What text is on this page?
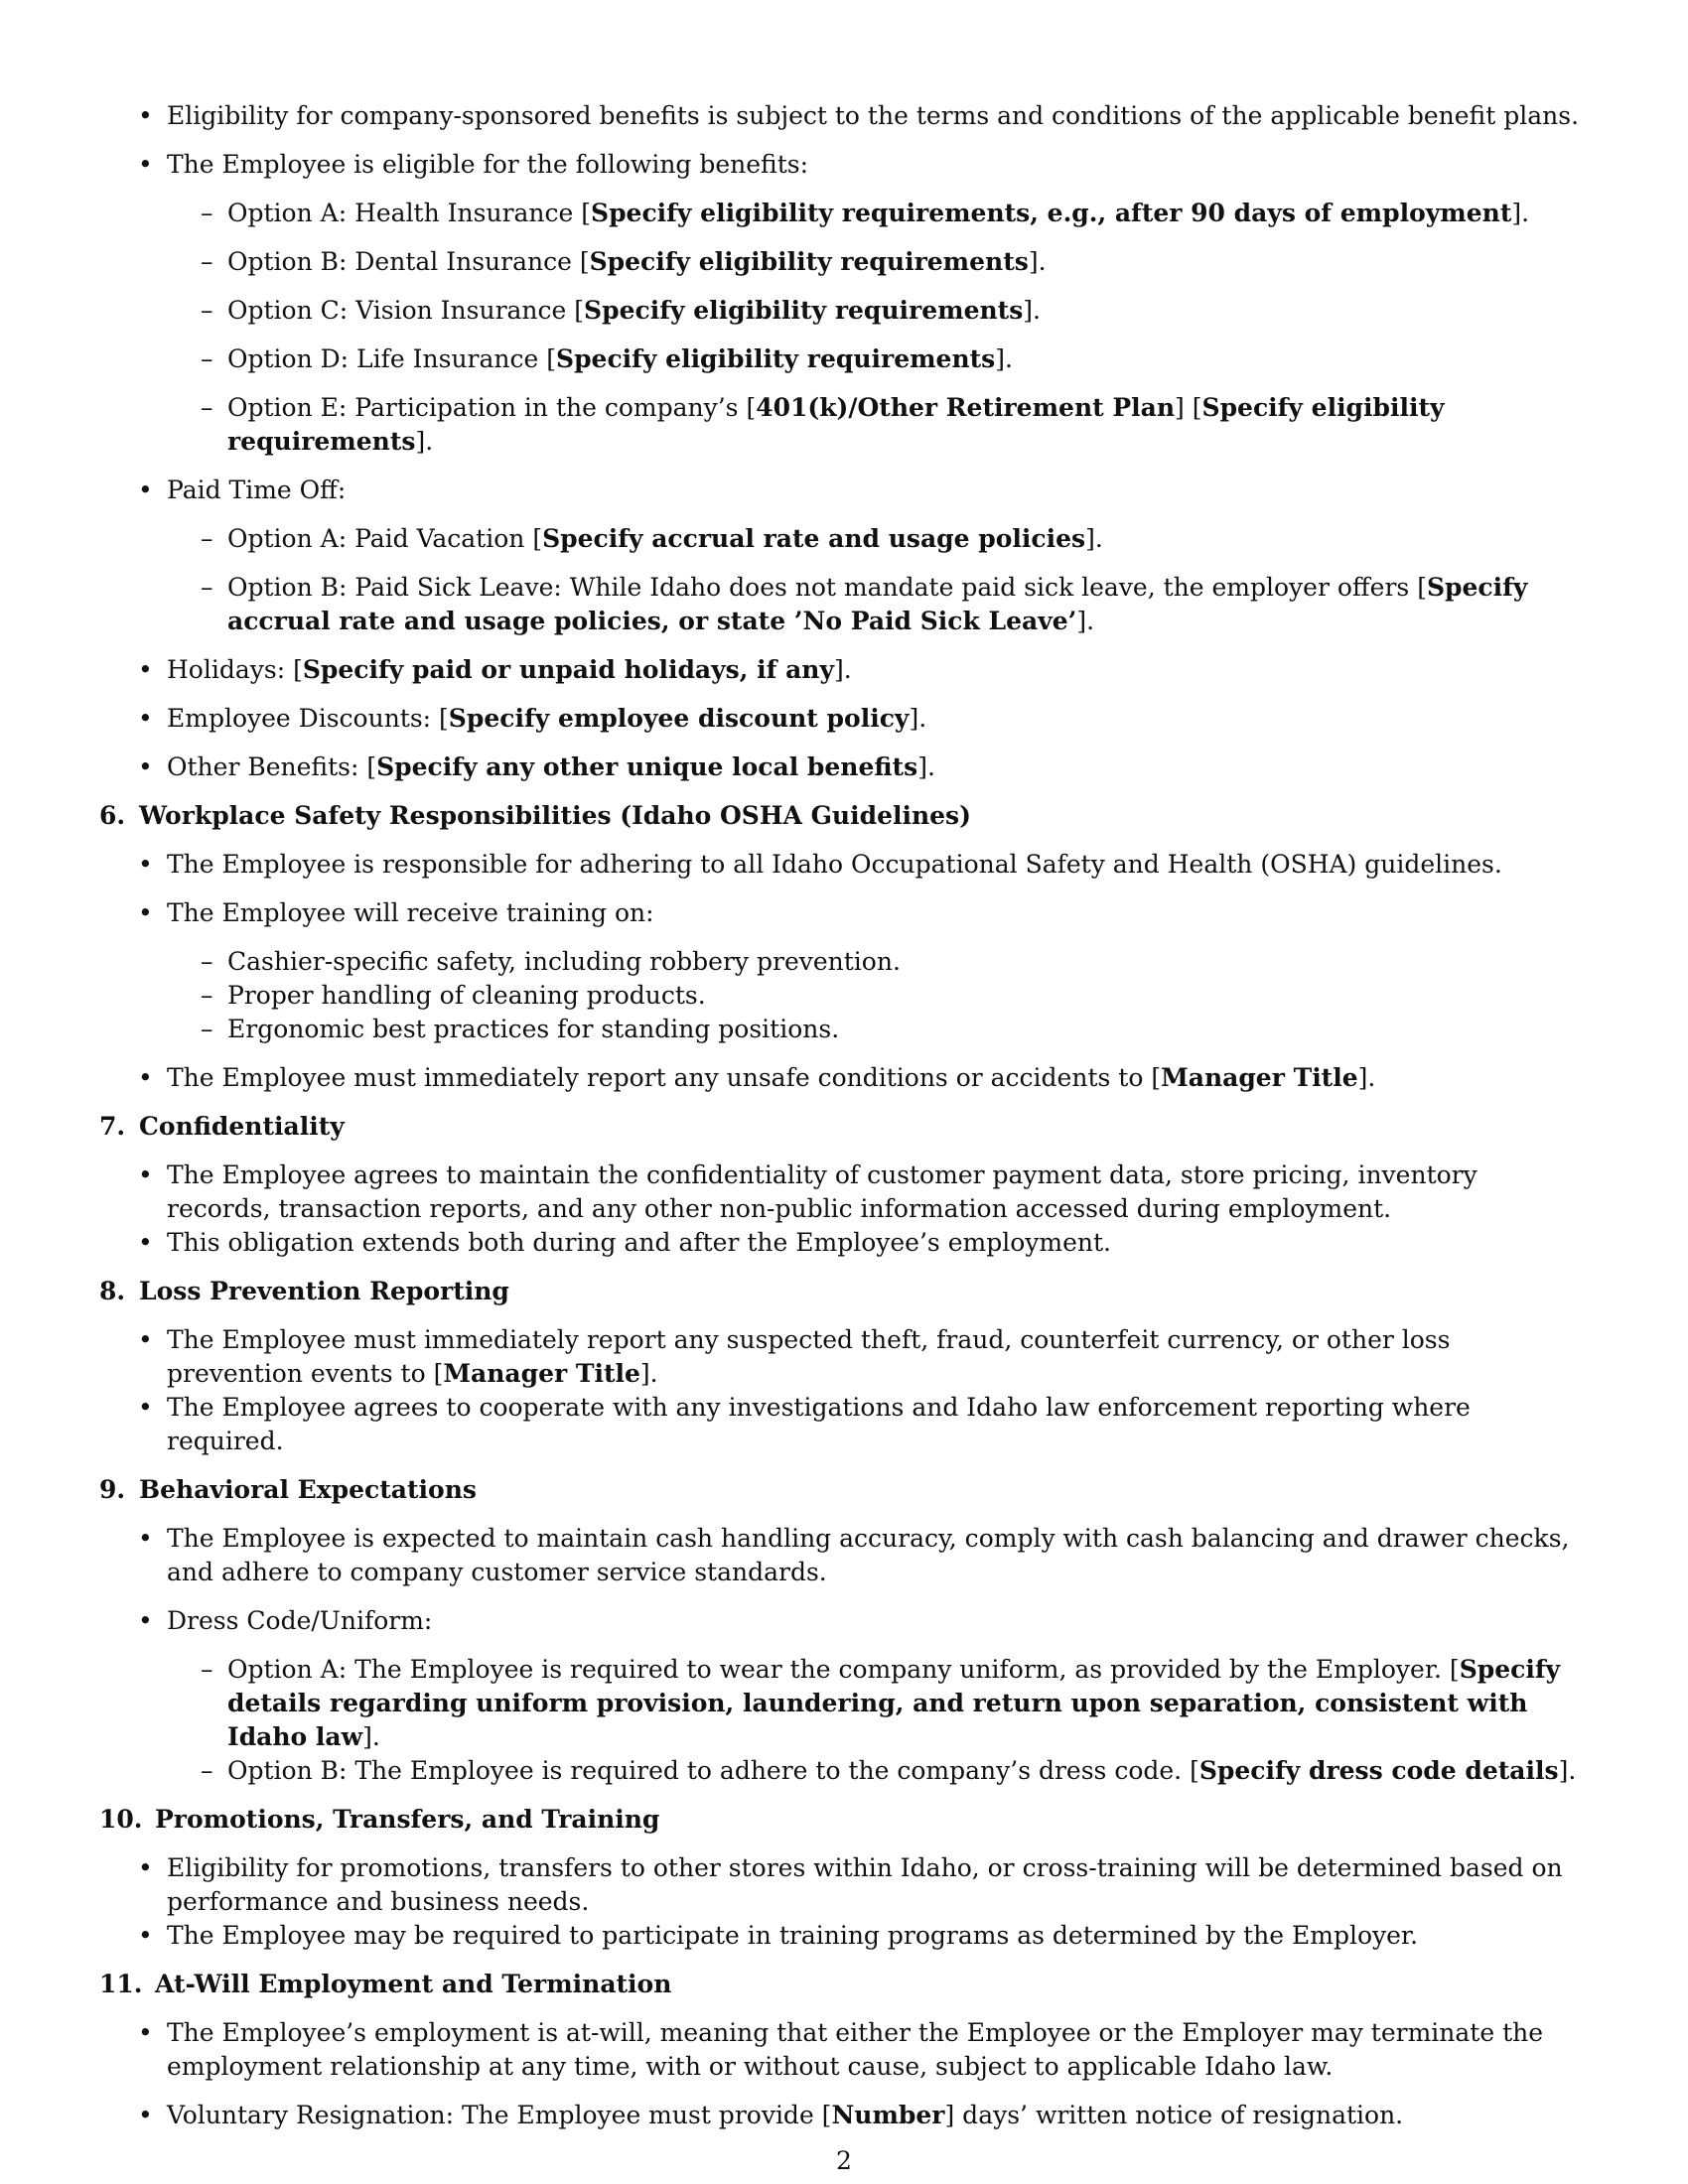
• Eligibility for company-sponsored benefits is subject to the terms and conditions of the applicable benefit plans.
• The Employee is eligible for the following benefits:
– Option A: Health Insurance [Specify eligibility requirements, e.g., after 90 days of employment].
– Option B: Dental Insurance [Specify eligibility requirements].
– Option C: Vision Insurance [Specify eligibility requirements].
– Option D: Life Insurance [Specify eligibility requirements].
– Option E: Participation in the company’s [401(k)/Other Retirement Plan] [Specify eligibility requirements].
• Paid Time Off:
– Option A: Paid Vacation [Specify accrual rate and usage policies].
– Option B: Paid Sick Leave: While Idaho does not mandate paid sick leave, the employer offers [Specify accrual rate and usage policies, or state ’No Paid Sick Leave’].
• Holidays: [Specify paid or unpaid holidays, if any].
• Employee Discounts: [Specify employee discount policy].
• Other Benefits: [Specify any other unique local benefits].
6. Workplace Safety Responsibilities (Idaho OSHA Guidelines)
• The Employee is responsible for adhering to all Idaho Occupational Safety and Health (OSHA) guidelines.
• The Employee will receive training on:
– Cashier-specific safety, including robbery prevention.
– Proper handling of cleaning products.
– Ergonomic best practices for standing positions.
• The Employee must immediately report any unsafe conditions or accidents to [Manager Title].
7. Confidentiality
• The Employee agrees to maintain the confidentiality of customer payment data, store pricing, inventory records, transaction reports, and any other non-public information accessed during employment.
• This obligation extends both during and after the Employee’s employment.
8. Loss Prevention Reporting
• The Employee must immediately report any suspected theft, fraud, counterfeit currency, or other loss prevention events to [Manager Title].
• The Employee agrees to cooperate with any investigations and Idaho law enforcement reporting where required.
9. Behavioral Expectations
• The Employee is expected to maintain cash handling accuracy, comply with cash balancing and drawer checks, and adhere to company customer service standards.
• Dress Code/Uniform:
– Option A: The Employee is required to wear the company uniform, as provided by the Employer. [Specify details regarding uniform provision, laundering, and return upon separation, consistent with Idaho law].
– Option B: The Employee is required to adhere to the company’s dress code. [Specify dress code details].
10. Promotions, Transfers, and Training
• Eligibility for promotions, transfers to other stores within Idaho, or cross-training will be determined based on performance and business needs.
• The Employee may be required to participate in training programs as determined by the Employer.
11. At-Will Employment and Termination
• The Employee’s employment is at-will, meaning that either the Employee or the Employer may terminate the employment relationship at any time, with or without cause, subject to applicable Idaho law.
• Voluntary Resignation: The Employee must provide [Number] days’ written notice of resignation.
2
